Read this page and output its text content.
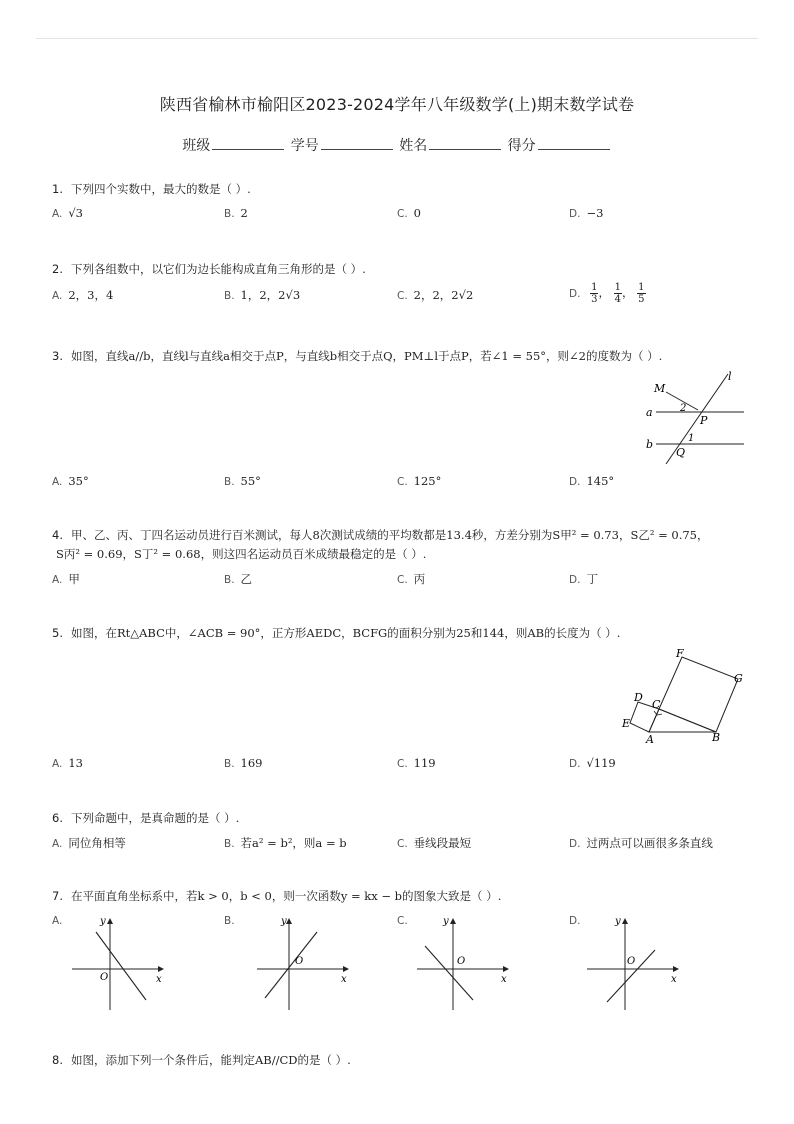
陕西省榆林市榆阳区2023-2024学年八年级数学(上)期末数学试卷
班级	学号	姓名	得分
1. 下列四个实数中，最大的数是（ ）.
A. √3	B. 2	C. 0	D. −3
2. 下列各组数中，以它们为边长能构成直角三角形的是（ ）.
A. 2，3，4	B. 1，2，2√3	C. 2，2，2√2	D. $\frac{1}{3}$ ， $\frac{1}{4}$ ， $\frac{1}{5}$
3. 如图，直线a//b，直线l与直线a相交于点P，与直线b相交于点Q，PM⊥l于点P，若∠1 = 55°，则∠2的度数为（ ）.
M
l
a
b
P
Q
1
2
A. 35°	B. 55°	C. 125°	D. 145°
4. 甲、乙、丙、丁四名运动员进行百米测试，每人8次测试成绩的平均数都是13.4秒，方差分别为S甲² = 0.73，S乙² = 0.75，
S丙² = 0.69，S丁² = 0.68，则这四名运动员百米成绩最稳定的是（ ）.
A. 甲	B. 乙	C. 丙	D. 丁
5. 如图，在Rt△ABC中，∠ACB = 90°，正方形AEDC，BCFG的面积分别为25和144，则AB的长度为（ ）.
F
G
D
C
E
A	B
A. 13	B. 169	C. 119	D. √119
6. 下列命题中，是真命题的是（ ）.
A. 同位角相等	B. 若a² = b²，则a = b	C. 垂线段最短	D. 过两点可以画很多条直线
7. 在平面直角坐标系中，若k > 0，b < 0，则一次函数y = kx − b的图象大致是（ ）.
A.	y
x
O
B.	y
x
O
C.	y
x
O
D.	y
x
O
8. 如图，添加下列一个条件后，能判定AB//CD的是（ ）.
